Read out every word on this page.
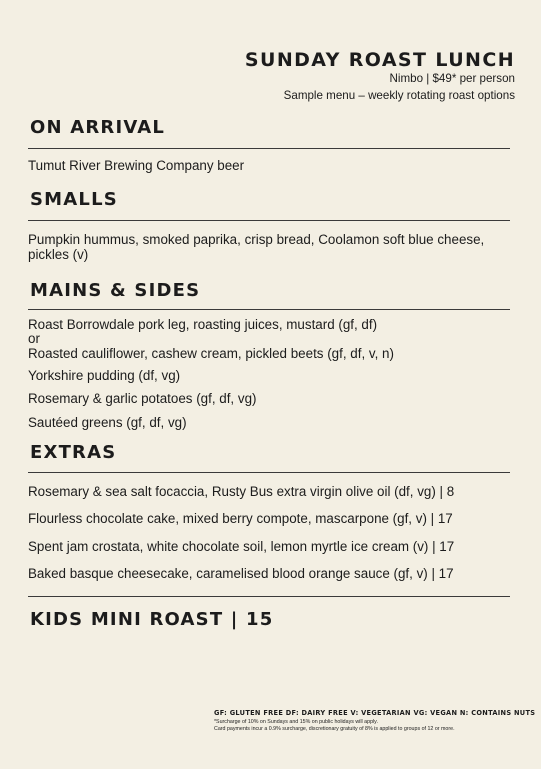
SUNDAY ROAST LUNCH
Nimbo | $49* per person
Sample menu – weekly rotating roast options
ON ARRIVAL
Tumut River Brewing Company beer
SMALLS
Pumpkin hummus, smoked paprika, crisp bread, Coolamon soft blue cheese, pickles (v)
MAINS & SIDES
Roast Borrowdale pork leg, roasting juices, mustard (gf, df)
or
Roasted cauliflower, cashew cream, pickled beets (gf, df, v, n)
Yorkshire pudding (df, vg)
Rosemary & garlic potatoes (gf, df, vg)
Sautéed greens (gf, df, vg)
EXTRAS
Rosemary & sea salt focaccia, Rusty Bus extra virgin olive oil (df, vg) | 8
Flourless chocolate cake, mixed berry compote, mascarpone (gf, v) | 17
Spent jam crostata, white chocolate soil, lemon myrtle ice cream (v) | 17
Baked basque cheesecake, caramelised blood orange sauce (gf, v) | 17
KIDS MINI ROAST | 15
GF: GLUTEN FREE DF: DAIRY FREE V: VEGETARIAN VG: VEGAN N: CONTAINS NUTS
*Surcharge of 10% on Sundays and 15% on public holidays will apply.
Card payments incur a 0.9% surcharge, discretionary gratuity of 8% is applied to groups of 12 or more.
